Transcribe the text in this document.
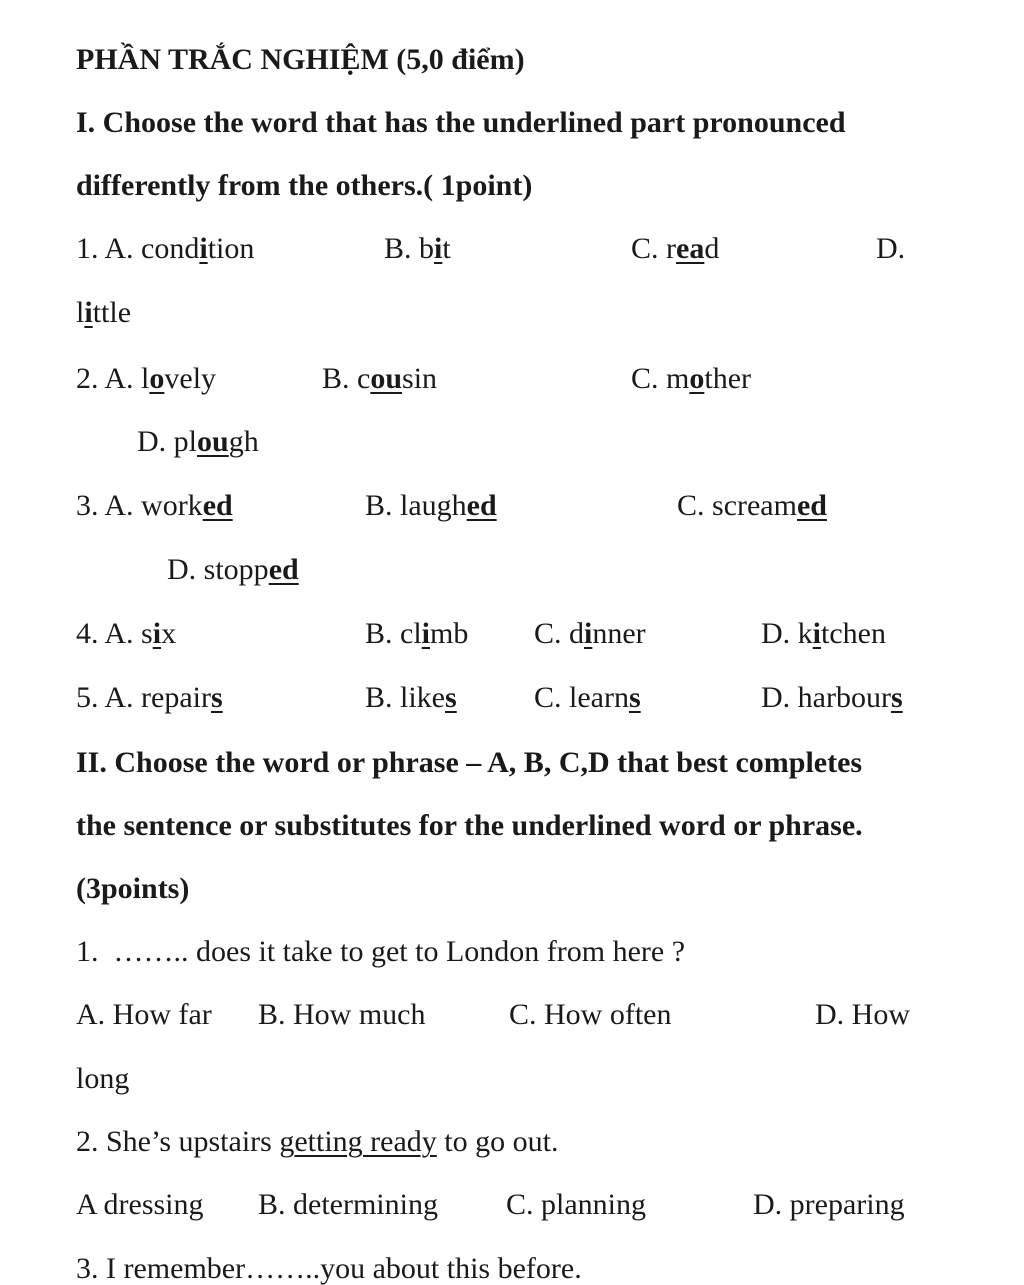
PHẦN TRẮC NGHIỆM (5,0 điểm)
I. Choose the word that has the underlined part pronounced
differently from the others.( 1point)
1. A. condition	B. bit	C. read	D.
little
2. A. lovely	B. cousin	C. mother
D. plough
3. A. worked	B. laughed	C. screamed
D. stopped
4. A. six	B. climb C. dinner	D. kitchen
5. A. repairs	B. likes	C. learns	D. harbours
II. Choose the word or phrase – A, B, C,D that best completes
the sentence or substitutes for the underlined word or phrase.
(3points)
1. …….. does it take to get to London from here ?
A. How far B. How much	C. How often	D. How
long
2. She’s upstairs getting ready to go out.
A dressing B. determining C. planning	D. preparing
3. I remember……..you about this before.
